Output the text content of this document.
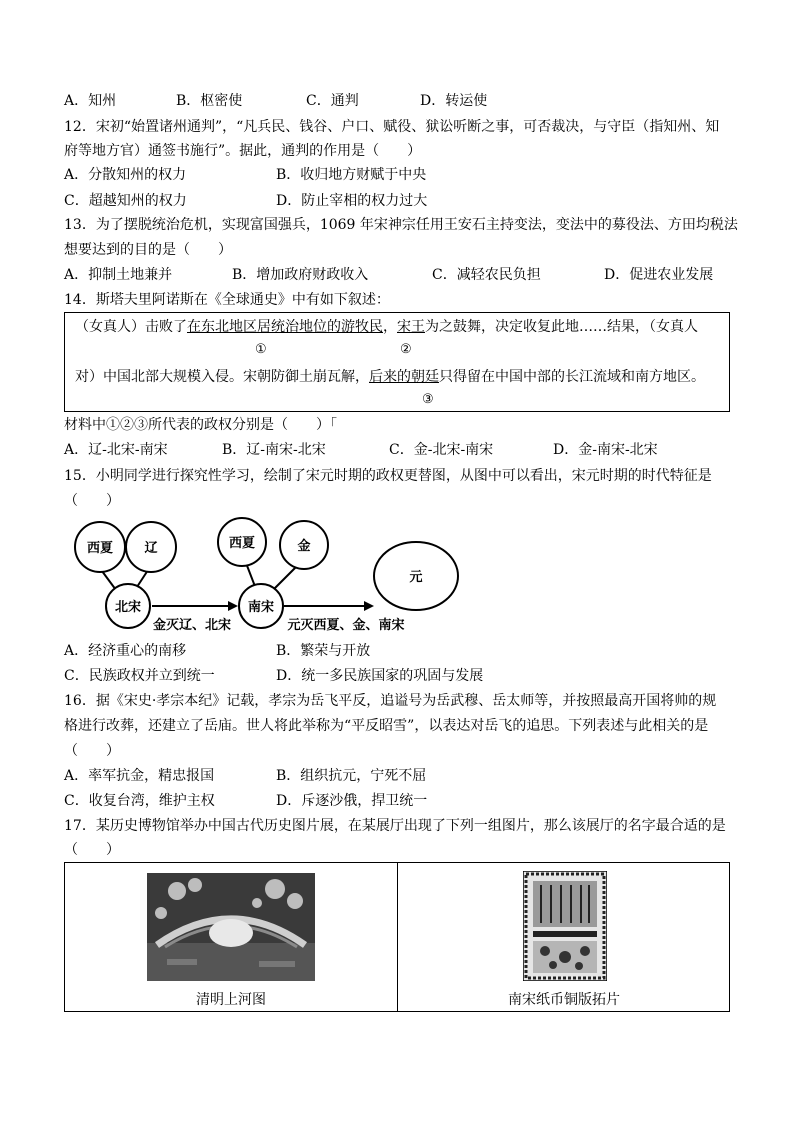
A．知州	B．枢密使	C．通判	D．转运使
12．宋初“始置诸州通判”，“凡兵民、钱谷、户口、赋役、狱讼听断之事，可否裁决，与守臣（指知州、知
府等地方官）通签书施行”。据此，通判的作用是（　　）
A．分散知州的权力	B．收归地方财赋于中央
C．超越知州的权力	D．防止宰相的权力过大
13．为了摆脱统治危机，实现富国强兵，1069 年宋神宗任用王安石主持变法，变法中的募役法、方田均税法
想要达到的目的是（　　）
A．抑制土地兼并	B．增加政府财政收入	C．减轻农民负担	D．促进农业发展
14．斯塔夫里阿诺斯在《全球通史》中有如下叙述：
（女真人）击败了在东北地区居统治地位的游牧民，宋王为之鼓舞，决定收复此地……结果，（女真人
①	②
对）中国北部大规模入侵。宋朝防御土崩瓦解，后来的朝廷只得留在中国中部的长江流域和南方地区。
③
材料中①②③所代表的政权分别是（　　）「
A．辽-北宋-南宋	B．辽-南宋-北宋	C．金-北宋-南宋	D．金-南宋-北宋
15．小明同学进行探究性学习，绘制了宋元时期的政权更替图，从图中可以看出，宋元时期的时代特征是
（　　）
西夏 辽
北宋
西夏	金
南宋
元
金灭辽、北宋	元灭西夏、金、南宋
A．经济重心的南移	B．繁荣与开放
C．民族政权并立到统一	D．统一多民族国家的巩固与发展
16．据《宋史·孝宗本纪》记载，孝宗为岳飞平反，追谥号为岳武穆、岳太师等，并按照最高开国将帅的规
格进行改葬，还建立了岳庙。世人将此举称为“平反昭雪”，以表达对岳飞的追思。下列表述与此相关的是
（　　）
A．率军抗金，精忠报国	B．组织抗元，宁死不屈
C．收复台湾，维护主权	D．斥逐沙俄，捍卫统一
17．某历史博物馆举办中国古代历史图片展，在某展厅出现了下列一组图片，那么该展厅的名字最合适的是
（　　）
清明上河图	南宋纸币铜版拓片
